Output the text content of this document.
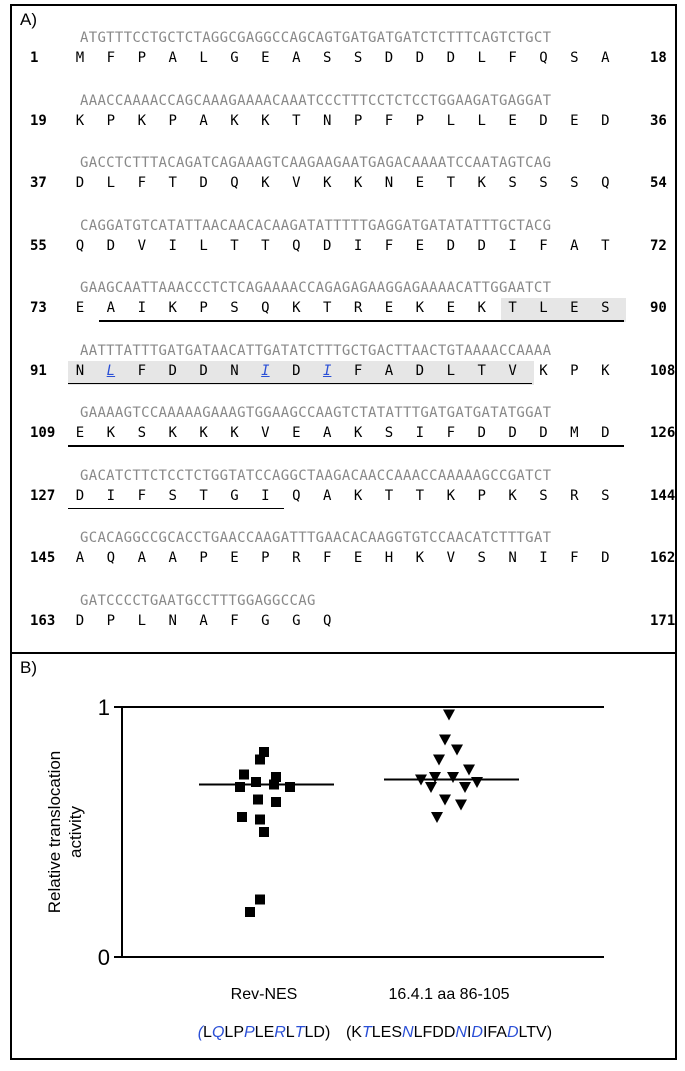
A)
ATGTTTCCTGCTCTAGGCGAGGCCAGCAGTGATGATGATCTCTTTCAGTCTGCT
1	18
M	F	P	A	L	G	E	A	S	S	D	D	D	L	F	Q	S	A
AAACCAAAACCAGCAAAGAAAACAAATCCCTTTCCTCTCCTGGAAGATGAGGAT
19	36
K	P	K	P	A	K	K	T	N	P	F	P	L	L	E	D	E	D
GACCTCTTTACAGATCAGAAAGTCAAGAAGAATGAGACAAAATCCAATAGTCAG
37	54
D	L	F	T	D	Q	K	V	K	K	N	E	T	K	S	S	S	Q
CAGGATGTCATATTAACAACACAAGATATTTTTGAGGATGATATATTTGCTACG
55	72
Q	D	V	I	L	T	T	Q	D	I	F	E	D	D	I	F	A	T
GAAGCAATTAAACCCTCTCAGAAAACCAGAGAGAAGGAGAAAACATTGGAATCT
73	90
E	A	I	K	P	S	Q	K	T	R	E	K	E	K	T	L	E	S
AATTTATTTGATGATAACATTGATATCTTTGCTGACTTAACTGTAAAACCAAAA
91	108
N	L	F	D	D	N	I	D	I	F	A	D	L	T	V	K	P	K
GAAAAGTCCAAAAAGAAAGTGGAAGCCAAGTCTATATTTGATGATGATATGGAT
109	126
E	K	S	K	K	K	V	E	A	K	S	I	F	D	D	D	M	D
GACATCTTCTCCTCTGGTATCCAGGCTAAGACAACCAAACCAAAAAGCCGATCT
127	144
D	I	F	S	T	G	I	Q	A	K	T	T	K	P	K	S	R	S
GCACAGGCCGCACCTGAACCAAGATTTGAACACAAGGTGTCCAACATCTTTGAT
145	162
A	Q	A	A	P	E	P	R	F	E	H	K	V	S	N	I	F	D
GATCCCCTGAATGCCTTTGGAGGCCAG
163	171
D	P	L	N	A	F	G	G	Q
B)
0
1
Relative translocation activity
Rev-NES
(LQLPPLERLTLD)
16.4.1 aa 86-105
(KTLESNLFDDNIDIFADLTV)
